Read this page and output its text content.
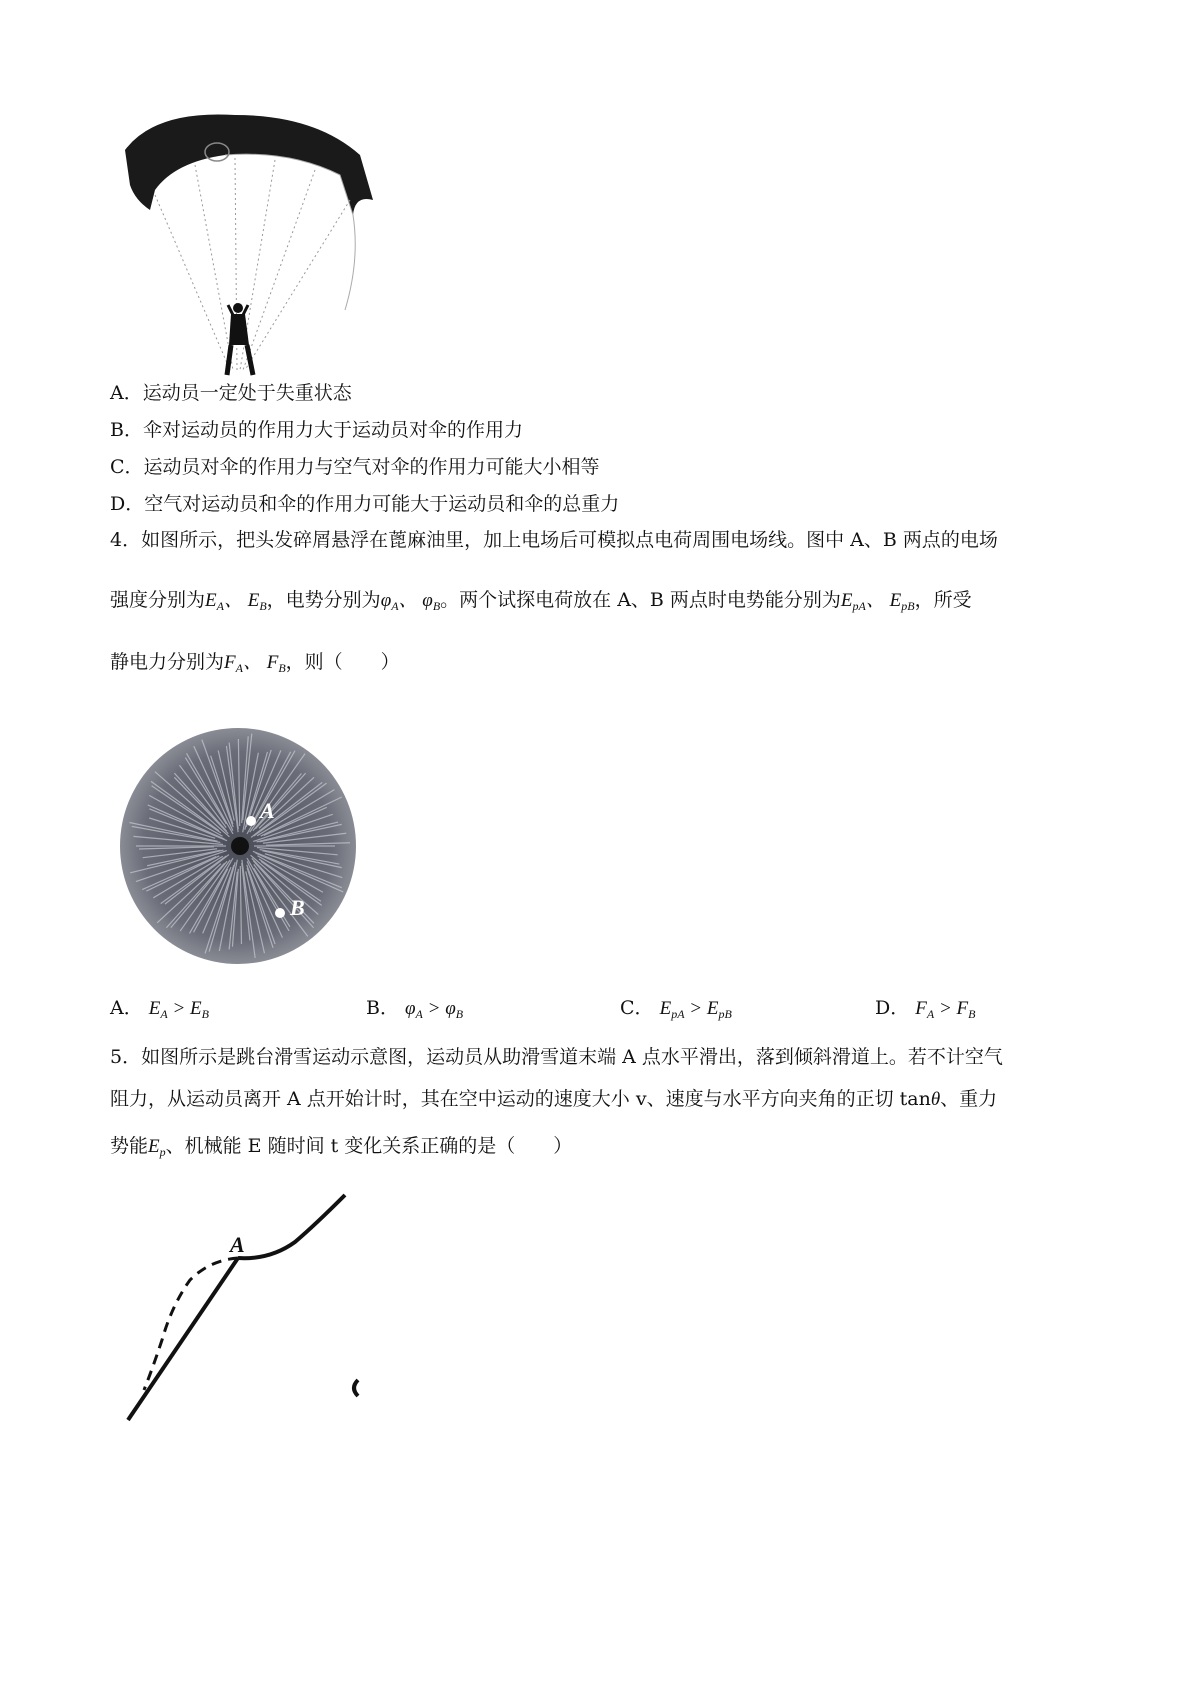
A．运动员一定处于失重状态
B．伞对运动员的作用力大于运动员对伞的作用力
C．运动员对伞的作用力与空气对伞的作用力可能大小相等
D．空气对运动员和伞的作用力可能大于运动员和伞的总重力
4．如图所示，把头发碎屑悬浮在蓖麻油里，加上电场后可模拟点电荷周围电场线。图中 A、B 两点的电场
强度分别为$E_A$、 $E_B$，电势分别为$\varphi_A$、 $\varphi_B$。两个试探电荷放在 A、B 两点时电势能分别为$E_{pA}$、 $E_{pB}$，所受
静电力分别为$F_A$、 $F_B$，则（　　）
A
B
A． $E_A > E_B$	B． $\varphi_A > \varphi_B$	C． $E_{pA} > E_{pB}$	D． $F_A > F_B$
5．如图所示是跳台滑雪运动示意图，运动员从助滑雪道末端 A 点水平滑出，落到倾斜滑道上。若不计空气
阻力，从运动员离开 A 点开始计时，其在空中运动的速度大小 v、速度与水平方向夹角的正切 tanθ、重力
势能$E_p$、机械能 E 随时间 t 变化关系正确的是（　　）
A
